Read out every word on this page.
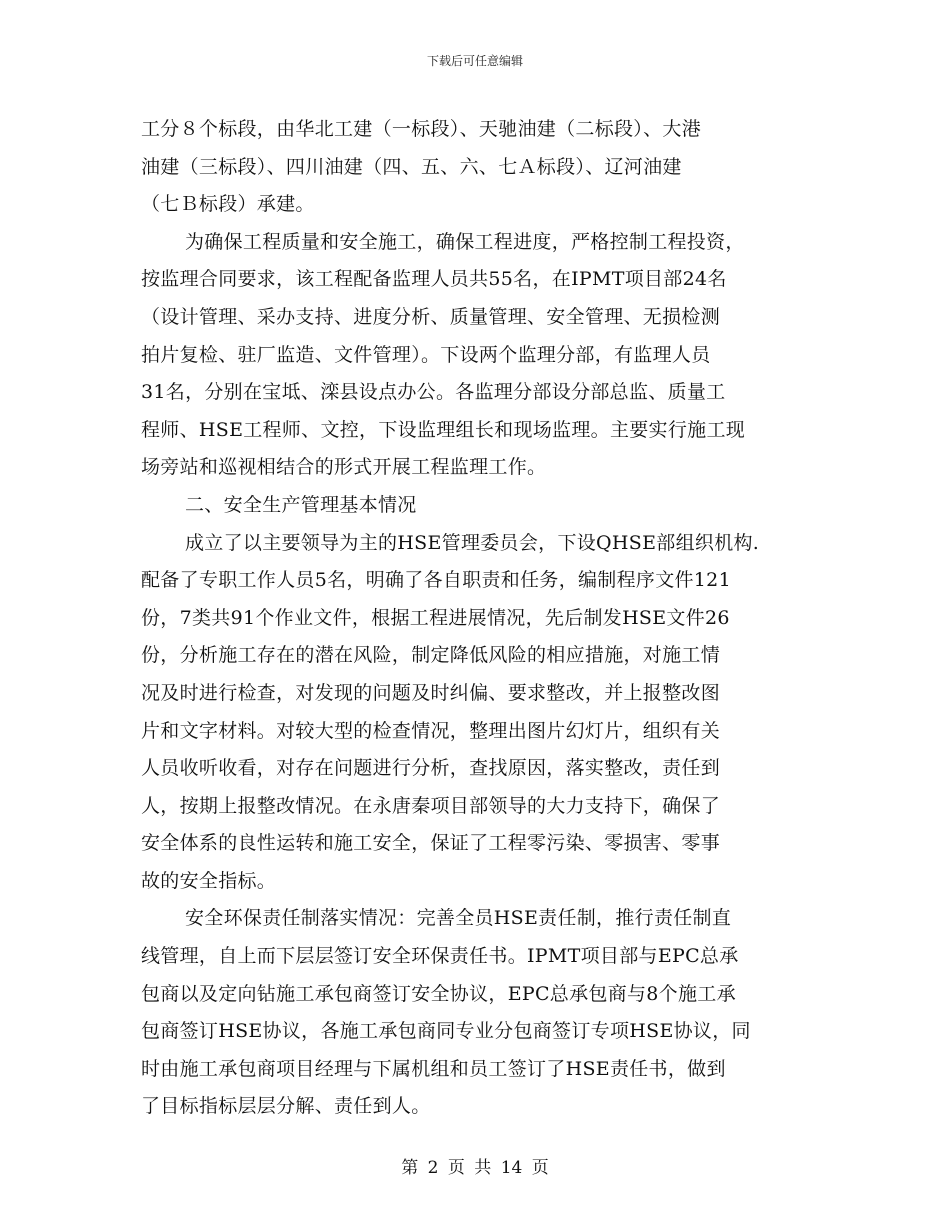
下载后可任意编辑
工分８个标段，由华北工建（一标段）、天驰油建（二标段）、大港
油建（三标段）、四川油建（四、五、六、七Ａ标段）、辽河油建
（七Ｂ标段）承建。
为确保工程质量和安全施工，确保工程进度，严格控制工程投资，
按监理合同要求，该工程配备监理人员共55名，在IPMT项目部24名
（设计管理、采办支持、进度分析、质量管理、安全管理、无损检测
拍片复检、驻厂监造、文件管理）。下设两个监理分部，有监理人员
31名，分别在宝坻、滦县设点办公。各监理分部设分部总监、质量工
程师、HSE工程师、文控，下设监理组长和现场监理。主要实行施工现
场旁站和巡视相结合的形式开展工程监理工作。
二、安全生产管理基本情况
成立了以主要领导为主的HSE管理委员会，下设QHSE部组织机构.
配备了专职工作人员5名，明确了各自职责和任务，编制程序文件121
份，7类共91个作业文件，根据工程进展情况，先后制发HSE文件26
份，分析施工存在的潜在风险，制定降低风险的相应措施，对施工情
况及时进行检查，对发现的问题及时纠偏、要求整改，并上报整改图
片和文字材料。对较大型的检查情况，整理出图片幻灯片，组织有关
人员收听收看，对存在问题进行分析，查找原因，落实整改，责任到
人，按期上报整改情况。在永唐秦项目部领导的大力支持下，确保了
安全体系的良性运转和施工安全，保证了工程零污染、零损害、零事
故的安全指标。
安全环保责任制落实情况：完善全员HSE责任制，推行责任制直
线管理，自上而下层层签订安全环保责任书。IPMT项目部与EPC总承
包商以及定向钻施工承包商签订安全协议，EPC总承包商与8个施工承
包商签订HSE协议，各施工承包商同专业分包商签订专项HSE协议，同
时由施工承包商项目经理与下属机组和员工签订了HSE责任书，做到
了目标指标层层分解、责任到人。
第 2 页 共 14 页
